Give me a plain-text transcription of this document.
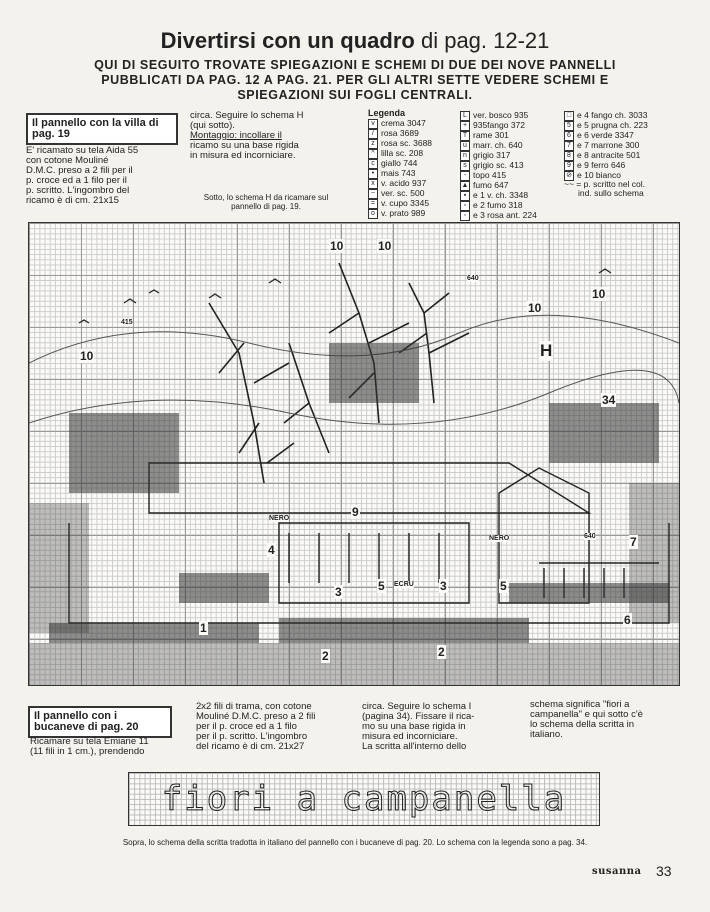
Divertirsi con un quadro di pag. 12-21
QUI DI SEGUITO TROVATE SPIEGAZIONI E SCHEMI DI DUE DEI NOVE PANNELLI
PUBBLICATI DA PAG. 12 A PAG. 21. PER GLI ALTRI SETTE VEDERE SCHEMI E
SPIEGAZIONI SUI FOGLI CENTRALI.
Il pannello con la villa di pag. 19
E' ricamato su tela Aida 55
con cotone Mouliné
D.M.C. preso a 2 fili per il
p. croce ed a 1 filo per il
p. scritto. L'ingombro del
ricamo è di cm. 21x15
circa. Seguire lo schema H
(qui sotto).
Montaggio: incollare il
ricamo su una base rigida
in misura ed incorniciare.
Sotto, lo schema H da ricamare sul
pannello di pag. 19.
Legenda
v crema 3047
/ rosa 3689
z rosa sc. 3688
^ lilla sc. 208
c giallo 744
• mais 743
x v. acido 937
~ ver. sc. 500
= v. cupo 3345
o v. prato 989
L ver. bosco 935
+ 935fango 372
T rame 301
u marr. ch. 640
n grigio 317
s grigio sc. 413
- topo 415
▲ fumo 647
▪ e 1 v. ch. 3348
▫ e 2 fumo 318
◦ e 3 rosa ant. 224
□ e 4 fango ch. 3033
5 e 5 prugna ch. 223
6 e 6 verde 3347
7 e 7 marrone 300
8 e 8 antracite 501
9 e 9 ferro 646
⊘ e 10 bianco
~~ = p. scritto nel col.
ind. sullo schema
H
10	10
10
10
10
34
9
4
3	5	3	5
7
6
1
2	2
415
640
640
NERO
NERO
ECRU
Il pannello con i bucaneve di pag. 20
Ricamare su tela Emiane 11
(11 fili in 1 cm.), prendendo
2x2 fili di trama, con cotone
Mouliné D.M.C. preso a 2 fili
per il p. croce ed a 1 filo
per il p. scritto. L'ingombro
del ricamo è di cm. 21x27
circa. Seguire lo schema I
(pagina 34). Fissare il rica-
mo su una base rigida in
misura ed incorniciare.
La scritta all'interno dello
schema significa "fiori a
campanella" e qui sotto c'è
lo schema della scritta in
italiano.
fiori a campanella
Sopra, lo schema della scritta tradotta in italiano del pannello con i bucaneve di pag. 20. Lo schema con la legenda sono a pag. 34.
susanna 33
